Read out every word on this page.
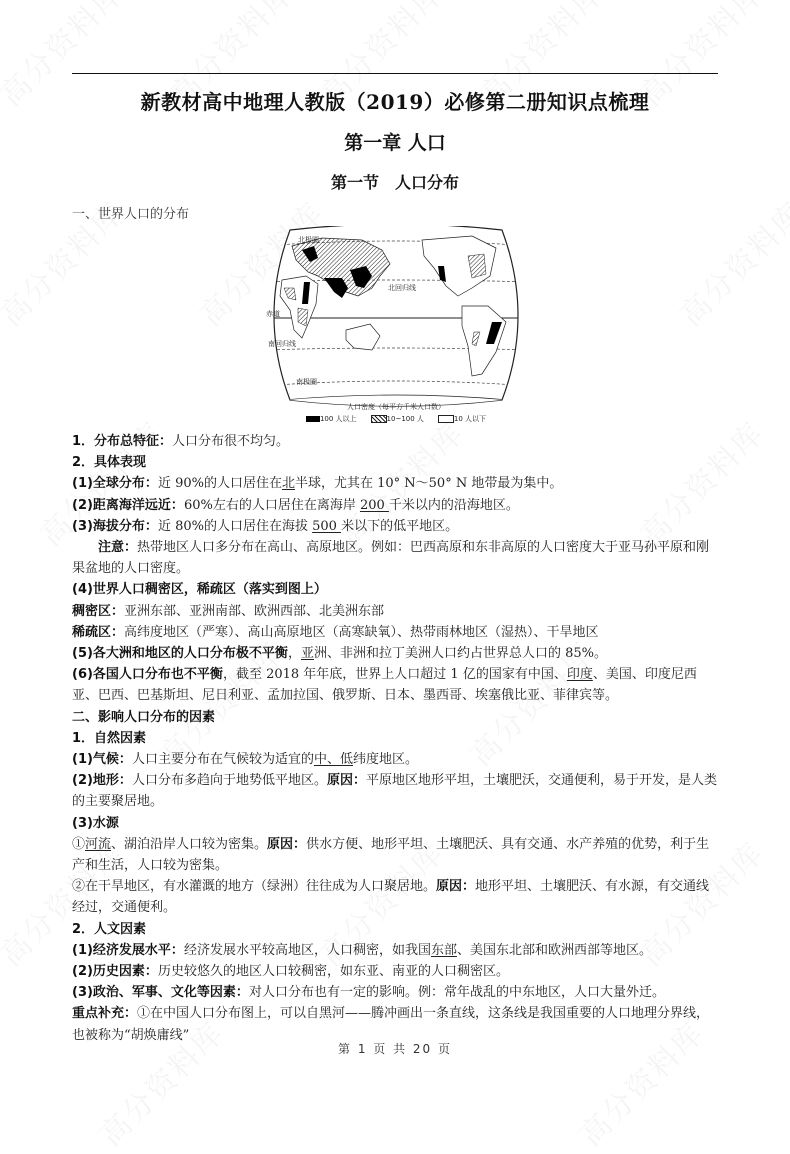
新教材高中地理人教版（2019）必修第二册知识点梳理
第一章 人口
第一节　人口分布
一、世界人口的分布
北极圈
北回归线
赤道
南回归线
南极圈
人口密度（每平方千米人口数）
100 人以上	10~100 人	10 人以下
1．分布总特征：人口分布很不均匀。
2．具体表现
(1)全球分布：近 90%的人口居住在北半球，尤其在 10° N～50° N 地带最为集中。
(2)距离海洋远近：60%左右的人口居住在离海岸 200 千米以内的沿海地区。
(3)海拔分布：近 80%的人口居住在海拔 500 米以下的低平地区。
注意：热带地区人口多分布在高山、高原地区。例如：巴西高原和东非高原的人口密度大于亚马孙平原和刚果盆地的人口密度。
(4)世界人口稠密区，稀疏区（落实到图上）
稠密区：亚洲东部、亚洲南部、欧洲西部、北美洲东部
稀疏区：高纬度地区（严寒）、高山高原地区（高寒缺氧）、热带雨林地区（湿热）、干旱地区
(5)各大洲和地区的人口分布极不平衡，亚洲、非洲和拉丁美洲人口约占世界总人口的 85%。
(6)各国人口分布也不平衡，截至 2018 年年底，世界上人口超过 1 亿的国家有中国、印度、美国、印度尼西亚、巴西、巴基斯坦、尼日利亚、孟加拉国、俄罗斯、日本、墨西哥、埃塞俄比亚、菲律宾等。
二、影响人口分布的因素
1．自然因素
(1)气候：人口主要分布在气候较为适宜的中、低纬度地区。
(2)地形：人口分布多趋向于地势低平地区。原因：平原地区地形平坦，土壤肥沃，交通便利，易于开发，是人类的主要聚居地。
(3)水源
①河流、湖泊沿岸人口较为密集。原因：供水方便、地形平坦、土壤肥沃、具有交通、水产养殖的优势，利于生产和生活，人口较为密集。
②在干旱地区，有水灌溉的地方（绿洲）往往成为人口聚居地。原因：地形平坦、土壤肥沃、有水源，有交通线经过，交通便利。
2．人文因素
(1)经济发展水平：经济发展水平较高地区，人口稠密，如我国东部、美国东北部和欧洲西部等地区。
(2)历史因素：历史较悠久的地区人口较稠密，如东亚、南亚的人口稠密区。
(3)政治、军事、文化等因素：对人口分布也有一定的影响。例：常年战乱的中东地区，人口大量外迁。
重点补充：①在中国人口分布图上，可以自黑河——腾冲画出一条直线，这条线是我国重要的人口地理分界线，也被称为“胡焕庸线”
第 1 页 共 20 页
